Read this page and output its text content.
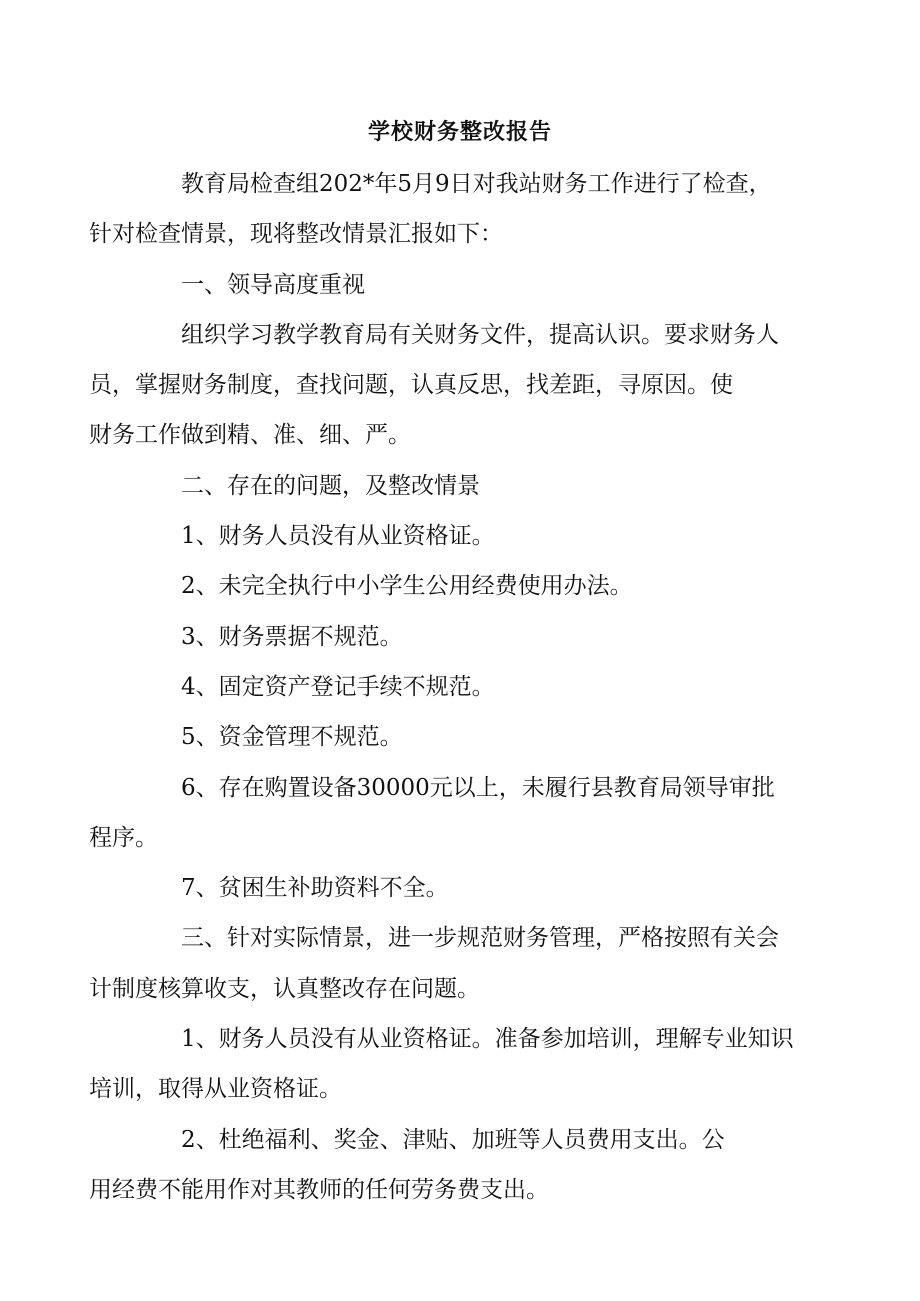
学校财务整改报告

教育局检查组202*年5月9日对我站财务工作进行了检查，
针对检查情景，现将整改情景汇报如下：

一、领导高度重视

组织学习教学教育局有关财务文件，提高认识。要求财务人
员，掌握财务制度，查找问题，认真反思，找差距，寻原因。使
财务工作做到精、准、细、严。

二、存在的问题，及整改情景

1、财务人员没有从业资格证。

2、未完全执行中小学生公用经费使用办法。

3、财务票据不规范。

4、固定资产登记手续不规范。

5、资金管理不规范。

6、存在购置设备30000元以上，未履行县教育局领导审批
程序。

7、贫困生补助资料不全。

三、针对实际情景，进一步规范财务管理，严格按照有关会
计制度核算收支，认真整改存在问题。

1、财务人员没有从业资格证。准备参加培训，理解专业知识
培训，取得从业资格证。

2、杜绝福利、奖金、津贴、加班等人员费用支出。公
用经费不能用作对其教师的任何劳务费支出。
